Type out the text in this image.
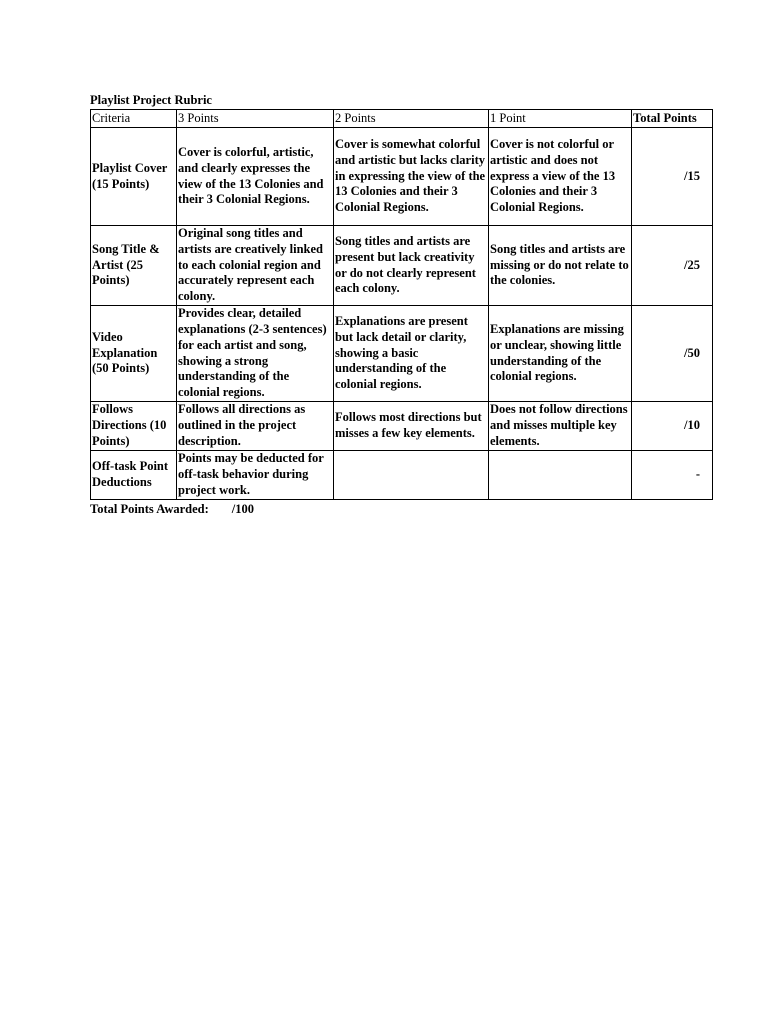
Playlist Project Rubric
Criteria	3 Points	2 Points	1 Point	Total Points
Playlist Cover (15 Points)	Cover is colorful, artistic, and clearly expresses the view of the 13 Colonies and their 3 Colonial Regions.	Cover is somewhat colorful and artistic but lacks clarity in expressing the view of the 13 Colonies and their 3 Colonial Regions.	Cover is not colorful or artistic and does not express a view of the 13 Colonies and their 3 Colonial Regions.	/15
Song Title & Artist (25 Points)	Original song titles and artists are creatively linked to each colonial region and accurately represent each colony.	Song titles and artists are present but lack creativity or do not clearly represent each colony.	Song titles and artists are missing or do not relate to the colonies.	/25
Video Explanation (50 Points)	Provides clear, detailed explanations (2-3 sentences) for each artist and song, showing a strong understanding of the colonial regions.	Explanations are present but lack detail or clarity, showing a basic understanding of the colonial regions.	Explanations are missing or unclear, showing little understanding of the colonial regions.	/50
Follows Directions (10 Points)	Follows all directions as outlined in the project description.	Follows most directions but misses a few key elements.	Does not follow directions and misses multiple key elements.	/10
Off-task Point Deductions	Points may be deducted for off-task behavior during project work.			-
Total Points Awarded: /100
